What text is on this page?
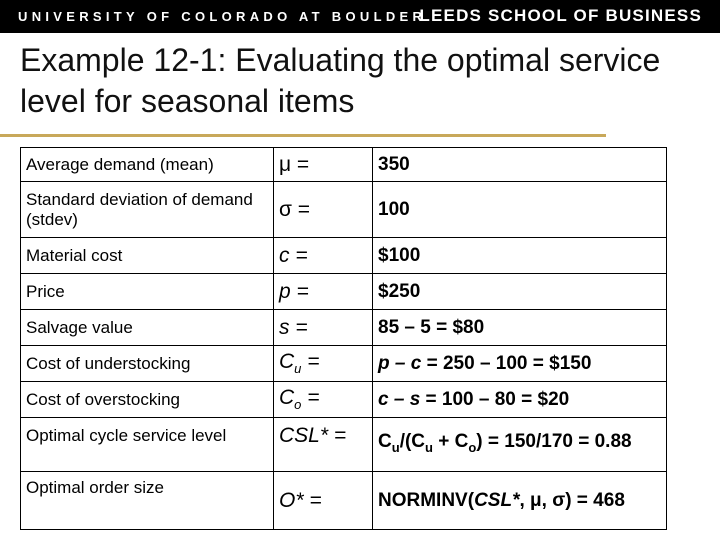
UNIVERSITY OF COLORADO AT BOULDER
LEEDS SCHOOL OF BUSINESS
Example 12-1: Evaluating the optimal service level for seasonal items
Average demand (mean)	μ =	350
Standard deviation of demand (stdev)	σ =	100
Material cost	c =	$100
Price	p =	$250
Salvage value	s =	85 – 5 = $80
Cost of understocking	$C_u$ =	p – c = 250 – 100 = $150
Cost of overstocking	$C_o$ =	c – s = 100 – 80 = $20
Optimal cycle service level	CSL* =	$C_u/(C_u + C_o) = 150/170 = 0.88$
Optimal order size	O* =	NORMINV(CSL*, μ, σ) = 468
